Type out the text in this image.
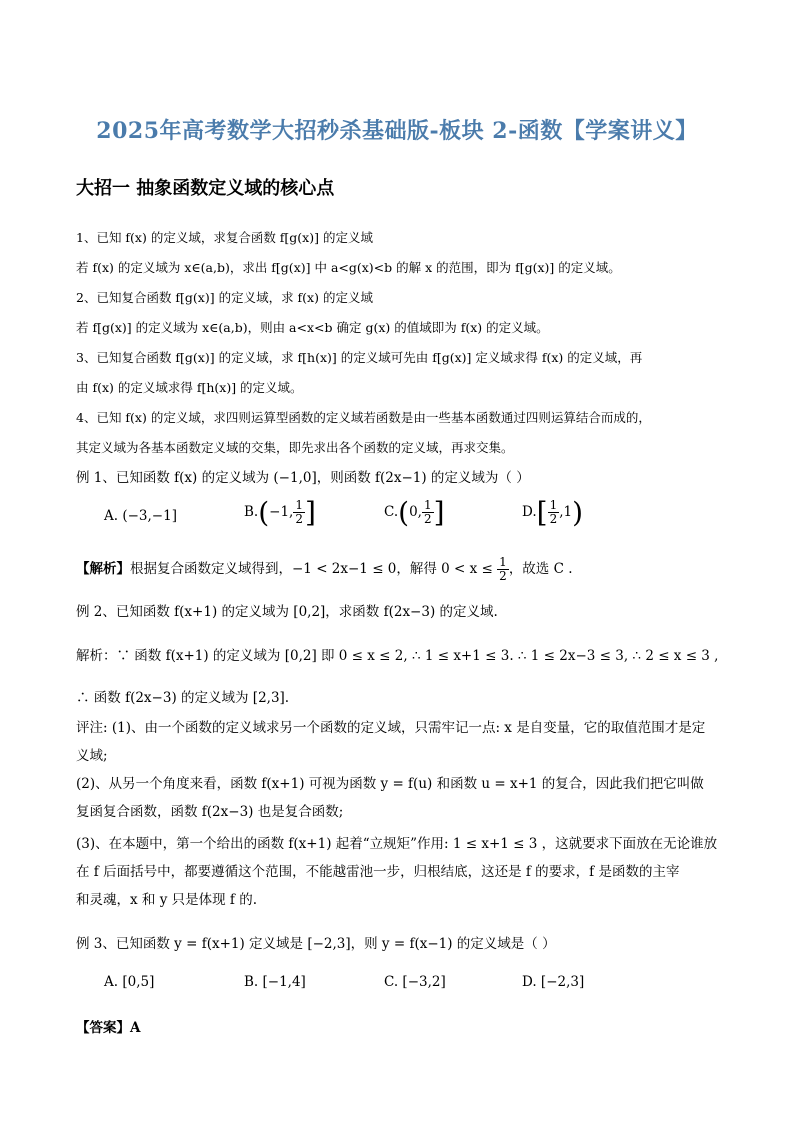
2025年高考数学大招秒杀基础版-板块 2-函数【学案讲义】
大招一 抽象函数定义域的核心点
1、已知 f(x) 的定义域，求复合函数 f[g(x)] 的定义域
若 f(x) 的定义域为 x∈(a,b)，求出 f[g(x)] 中 a<g(x)<b 的解 x 的范围，即为 f[g(x)] 的定义域。
2、已知复合函数 f[g(x)] 的定义域，求 f(x) 的定义域
若 f[g(x)] 的定义域为 x∈(a,b)，则由 a<x<b 确定 g(x) 的值域即为 f(x) 的定义域。
3、已知复合函数 f[g(x)] 的定义域，求 f[h(x)] 的定义域可先由 f[g(x)] 定义域求得 f(x) 的定义域，再
由 f(x) 的定义域求得 f[h(x)] 的定义域。
4、已知 f(x) 的定义域，求四则运算型函数的定义域若函数是由一些基本函数通过四则运算结合而成的，
其定义域为各基本函数定义域的交集，即先求出各个函数的定义域，再求交集。
例 1、已知函数 f(x) 的定义域为 (−1,0]，则函数 f(2x−1) 的定义域为（ ）
A. (−3,−1]	B.(−1, $\frac{1}{2}$ ]	C.(0, $\frac{1}{2}$ ]	$D.[ \frac{1}{2} ,1)$
【解析】根据复合函数定义域得到，−1 < 2x−1 ≤ 0，解得 $0 < x \le \frac{1}{2}$ ，故选 C .
例 2、已知函数 f(x+1) 的定义域为 [0,2]，求函数 f(2x−3) 的定义域.
解析：∵ 函数 f(x+1) 的定义域为 [0,2] 即 0 ≤ x ≤ 2, ∴ 1 ≤ x+1 ≤ 3. ∴ 1 ≤ 2x−3 ≤ 3, ∴ 2 ≤ x ≤ 3 ,
∴ 函数 f(2x−3) 的定义域为 [2,3].
评注: (1)、由一个函数的定义域求另一个函数的定义域，只需牢记一点: x 是自变量，它的取值范围才是定
义域;
(2)、从另一个角度来看，函数 f(x+1) 可视为函数 y = f(u) 和函数 u = x+1 的复合，因此我们把它叫做
复函复合函数，函数 f(2x−3) 也是复合函数;
(3)、在本题中，第一个给出的函数 f(x+1) 起着“立规矩”作用: 1 ≤ x+1 ≤ 3 ，这就要求下面放在无论谁放
在 f 后面括号中，都要遵循这个范围，不能越雷池一步，归根结底，这还是 f 的要求，f 是函数的主宰
和灵魂，x 和 y 只是体现 f 的.
例 3、已知函数 y = f(x+1) 定义域是 [−2,3]，则 y = f(x−1) 的定义域是（ ）
A. [0,5]	B. [−1,4]	C. [−3,2]	D. [−2,3]
【答案】A
